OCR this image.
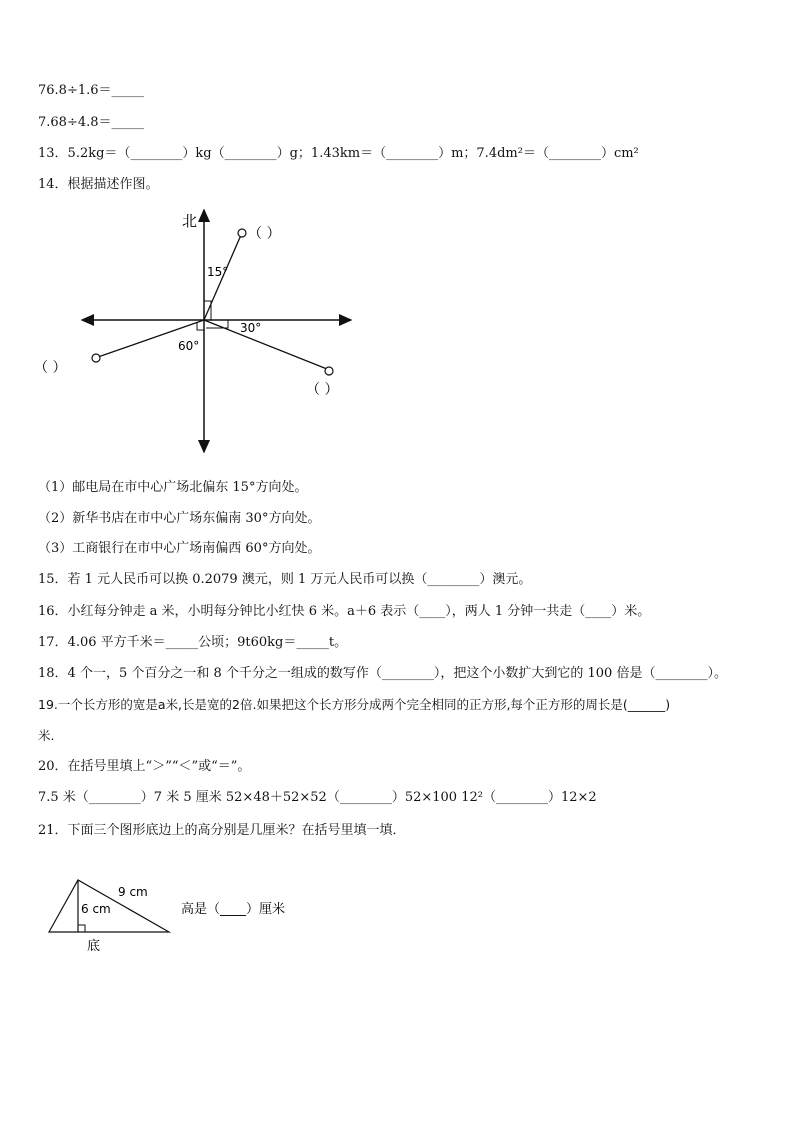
76.8÷1.6＝_____
7.68÷4.8＝_____
13．5.2kg＝（________）kg（________）g；1.43km＝（________）m；7.4dm²＝（________）cm²
14．根据描述作图。
北
（ ）
15°
（ ）
30°
（ ）
60°
（1）邮电局在市中心广场北偏东 15°方向处。
（2）新华书店在市中心广场东偏南 30°方向处。
（3）工商银行在市中心广场南偏西 60°方向处。
15．若 1 元人民币可以换 0.2079 澳元，则 1 万元人民币可以换（________）澳元。
16．小红每分钟走 a 米，小明每分钟比小红快 6 米。a＋6 表示（____），两人 1 分钟一共走（____）米。
17．4.06 平方千米＝_____公顷；9t60kg＝_____t。
18．4 个一，5 个百分之一和 8 个千分之一组成的数写作（________），把这个小数扩大到它的 100 倍是（________）。
19.一个长方形的宽是a米,长是宽的2倍.如果把这个长方形分成两个完全相同的正方形,每个正方形的周长是(______)
米.
20．在括号里填上“＞”“＜”或“＝”。
7.5 米（________）7 米 5 厘米 52×48＋52×52（________）52×100 12²（________）12×2
21．下面三个图形底边上的高分别是几厘米？在括号里填一填．
9 cm
6 cm
底
高是（____）厘米
